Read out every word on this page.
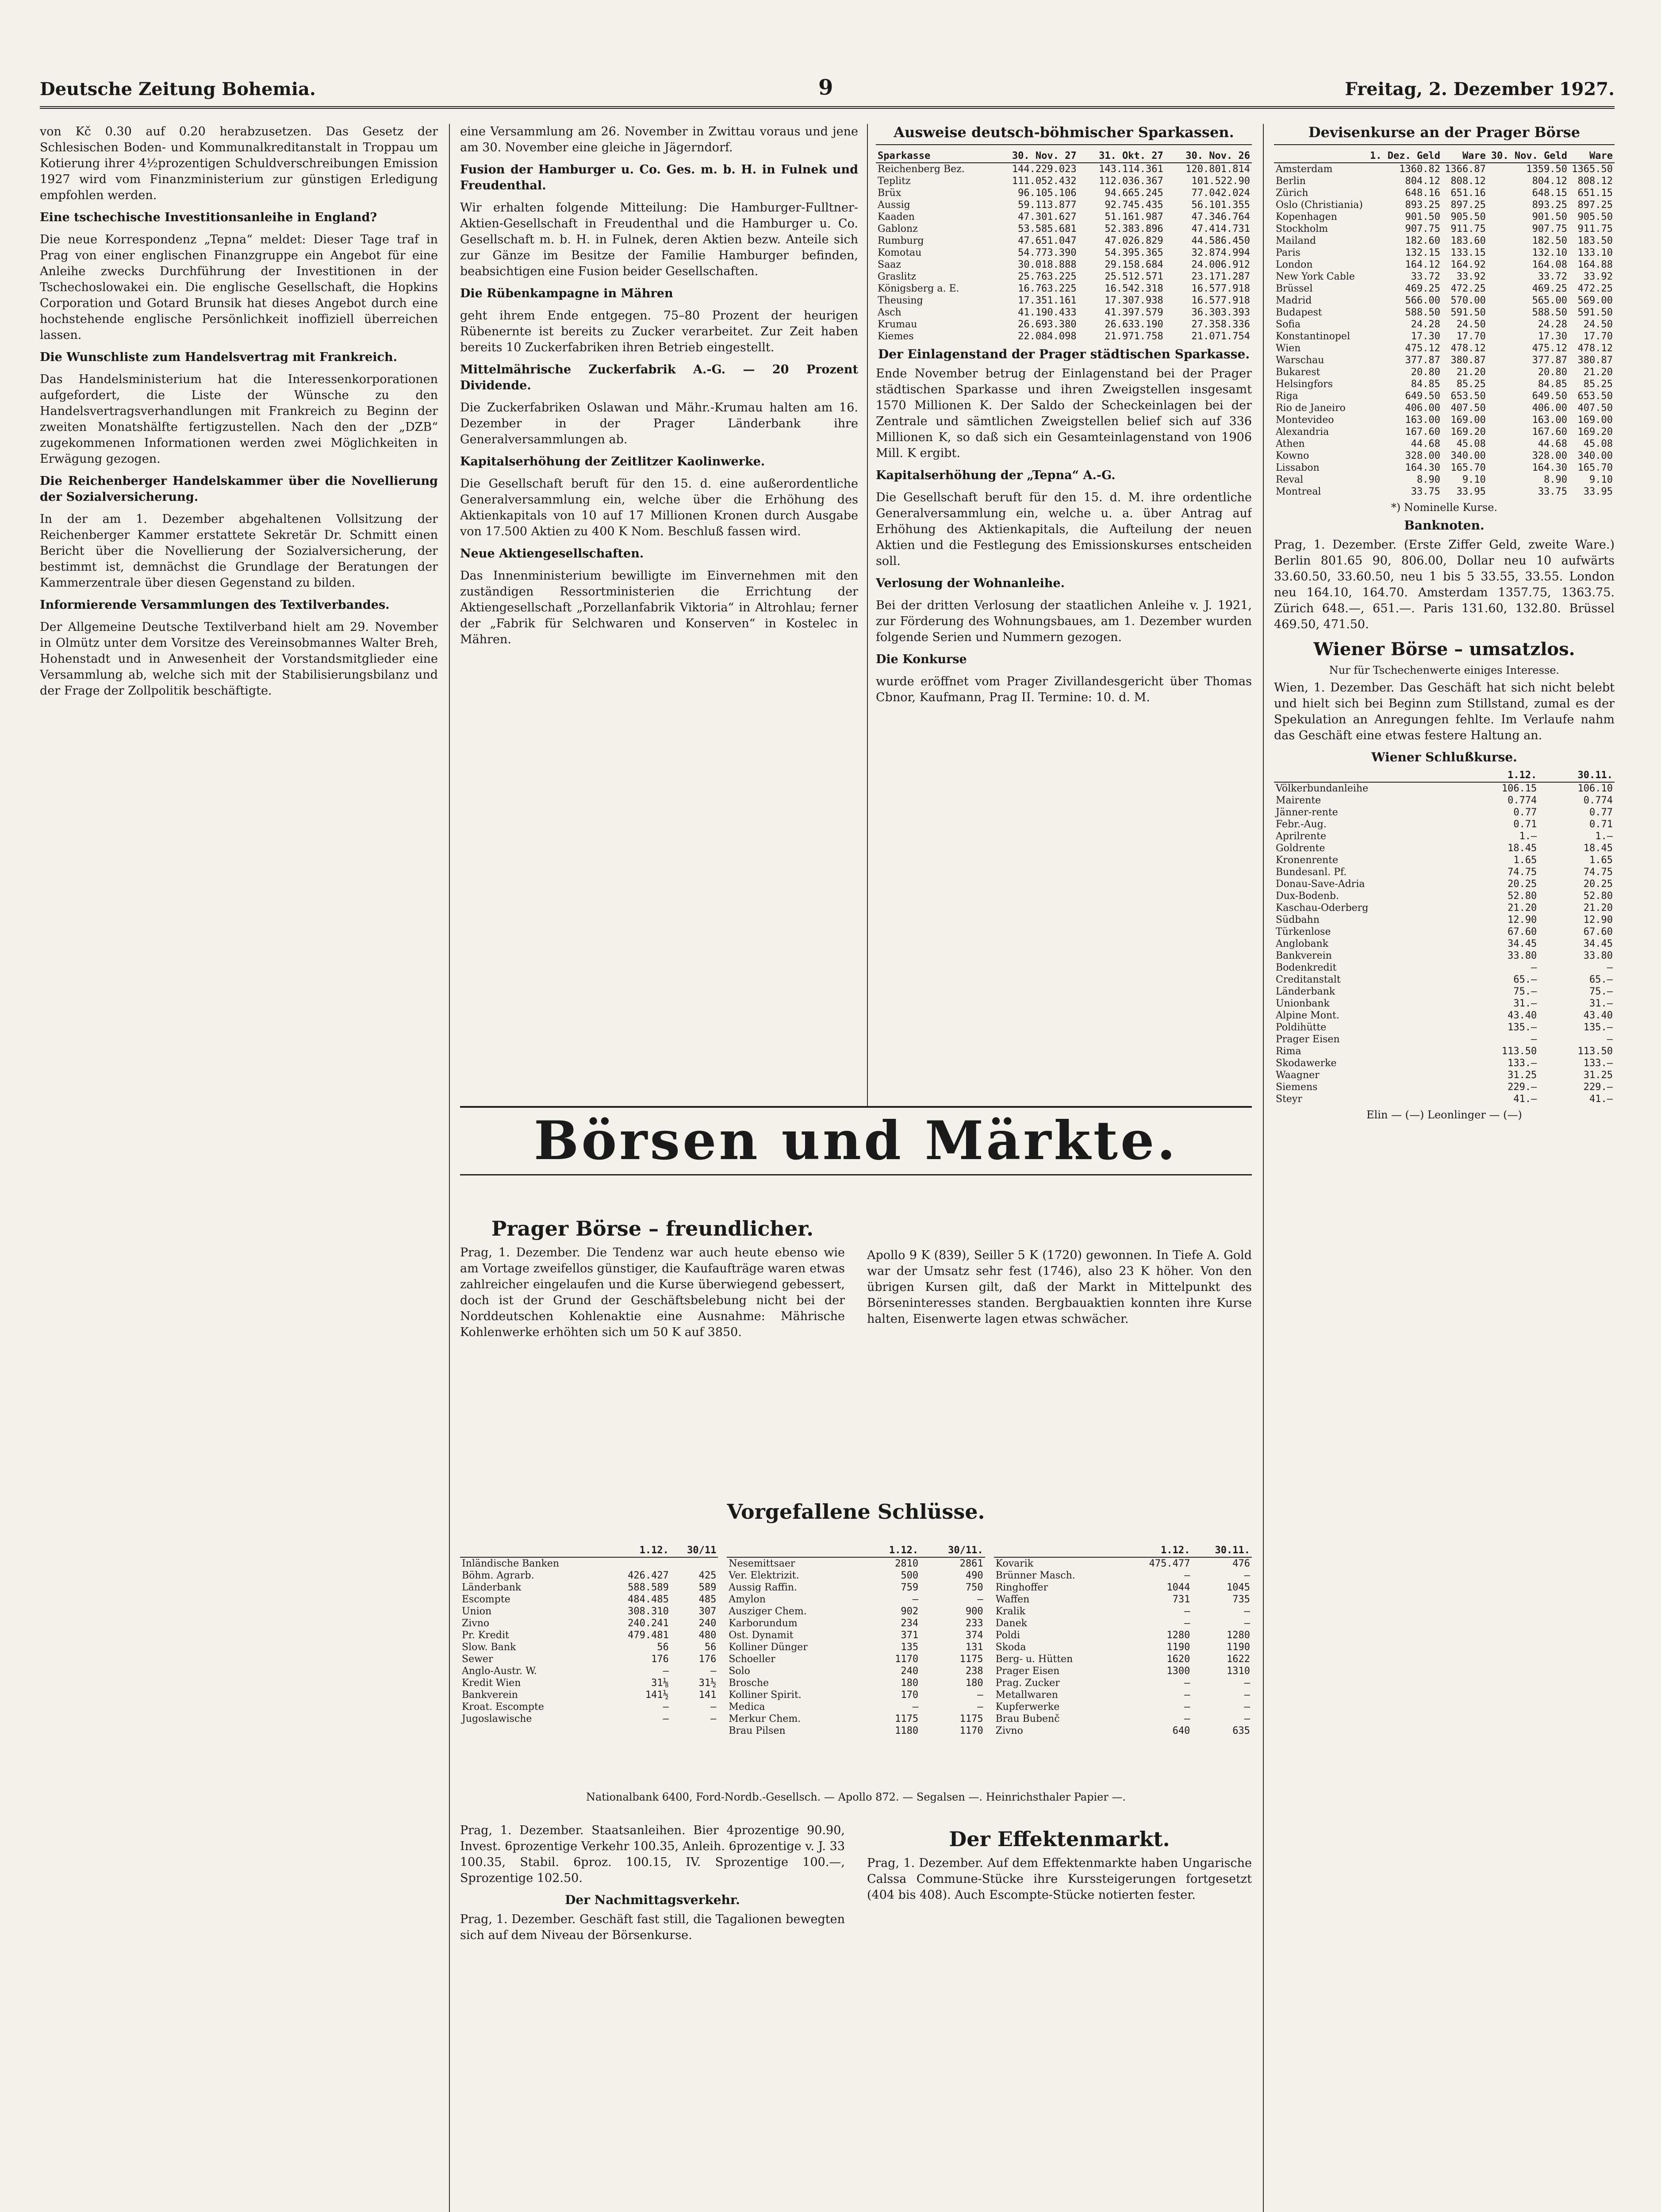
Deutsche Zeitung Bohemia.	9	Freitag, 2. Dezember 1927.

von Kč 0.30 auf 0.20 herabzusetzen. Das Gesetz der Schlesischen Boden- und Kommunalkreditanstalt in Troppau um Kotierung ihrer 4½prozentigen Schuldverschreibungen Emission 1927 wird vom Finanzministerium zur günstigen Erledigung empfohlen werden.

Eine tschechische Investitionsanleihe in England?

Die neue Korrespondenz „Tepna“ meldet: Dieser Tage traf in Prag von einer englischen Finanzgruppe ein Angebot für eine Anleihe zwecks Durchführung der Investitionen in der Tschechoslowakei ein. Die englische Gesellschaft, die Hopkins Corporation und Gotard Brunsik hat dieses Angebot durch eine hochstehende englische Persönlichkeit inoffiziell überreichen lassen.

Die Wunschliste zum Handelsvertrag mit Frankreich.

Das Handelsministerium hat die Interessenkorporationen aufgefordert, die Liste der Wünsche zu den Handelsvertragsverhandlungen mit Frankreich zu Beginn der zweiten Monatshälfte fertigzustellen. Nach den der „DZB“ zugekommenen Informationen werden zwei Möglichkeiten in Erwägung gezogen.

Die Reichenberger Handelskammer über die Novellierung der Sozialversicherung.

In der am 1. Dezember abgehaltenen Vollsitzung der Reichenberger Kammer erstattete Sekretär Dr. Schmitt einen Bericht über die Novellierung der Sozialversicherung, der bestimmt ist, demnächst die Grundlage der Beratungen der Kammerzentrale über diesen Gegenstand zu bilden.

Informierende Versammlungen des Textilverbandes.

Der Allgemeine Deutsche Textilverband hielt am 29. November in Olmütz unter dem Vorsitze des Vereinsobmannes Walter Breh, Hohenstadt und in Anwesenheit der Vorstandsmitglieder eine Versammlung ab, welche sich mit der Stabilisierungsbilanz und der Frage der Zollpolitik beschäftigte.

eine Versammlung am 26. November in Zwittau voraus und jene am 30. November eine gleiche in Jägerndorf.

Fusion der Hamburger u. Co. Ges. m. b. H. in Fulnek und Freudenthal.

Wir erhalten folgende Mitteilung: Die Hamburger-Fulltner-Aktien-Gesellschaft in Freudenthal und die Hamburger u. Co. Gesellschaft m. b. H. in Fulnek, deren Aktien bezw. Anteile sich zur Gänze im Besitze der Familie Hamburger befinden, beabsichtigen eine Fusion beider Gesellschaften.

Die Rübenkampagne in Mähren

geht ihrem Ende entgegen. 75–80 Prozent der heurigen Rübenernte ist bereits zu Zucker verarbeitet. Zur Zeit haben bereits 10 Zuckerfabriken ihren Betrieb eingestellt.

Mittelmährische Zuckerfabrik A.-G. — 20 Prozent Dividende.

Die Zuckerfabriken Oslawan und Mähr.-Krumau halten am 16. Dezember in der Prager Länderbank ihre Generalversammlungen ab.

Kapitalserhöhung der Zeitlitzer Kaolinwerke.

Die Gesellschaft beruft für den 15. d. eine außerordentliche Generalversammlung ein, welche über die Erhöhung des Aktienkapitals von 10 auf 17 Millionen Kronen durch Ausgabe von 17.500 Aktien zu 400 K Nom. Beschluß fassen wird.

Neue Aktiengesellschaften.

Das Innenministerium bewilligte im Einvernehmen mit den zuständigen Ressortministerien die Errichtung der Aktiengesellschaft „Porzellanfabrik Viktoria“ in Altrohlau; ferner der „Fabrik für Selchwaren und Konserven“ in Kostelec in Mähren.

Ausweise deutsch-böhmischer Sparkassen.
Sparkasse	30. Nov. 27	31. Okt. 27	30. Nov. 26
Reichenberg Bez.	144.229.023	143.114.361	120.801.814
Teplitz	111.052.432	112.036.367	101.522.90
Brüx	96.105.106	94.665.245	77.042.024
Aussig	59.113.877	92.745.435	56.101.355
Kaaden	47.301.627	51.161.987	47.346.764
Gablonz	53.585.681	52.383.896	47.414.731
Rumburg	47.651.047	47.026.829	44.586.450
Komotau	54.773.390	54.395.365	32.874.994
Saaz	30.018.888	29.158.684	24.006.912
Graslitz	25.763.225	25.512.571	23.171.287
Königsberg a. E.	16.763.225	16.542.318	16.577.918
Theusing	17.351.161	17.307.938	16.577.918
Asch	41.190.433	41.397.579	36.303.393
Krumau	26.693.380	26.633.190	27.358.336
Kiemes	22.084.098	21.971.758	21.071.754

Der Einlagenstand der Prager städtischen Sparkasse.

Ende November betrug der Einlagenstand bei der Prager städtischen Sparkasse und ihren Zweigstellen insgesamt 1570 Millionen K. Der Saldo der Scheckeinlagen bei der Zentrale und sämtlichen Zweigstellen belief sich auf 336 Millionen K, so daß sich ein Gesamteinlagenstand von 1906 Mill. K ergibt.

Kapitalserhöhung der „Tepna“ A.-G.

Die Gesellschaft beruft für den 15. d. M. ihre ordentliche Generalversammlung ein, welche u. a. über Antrag auf Erhöhung des Aktienkapitals, die Aufteilung der neuen Aktien und die Festlegung des Emissionskurses entscheiden soll.

Verlosung der Wohnanleihe.

Bei der dritten Verlosung der staatlichen Anleihe v. J. 1921, zur Förderung des Wohnungsbaues, am 1. Dezember wurden folgende Serien und Nummern gezogen.

Die Konkurse

wurde eröffnet vom Prager Zivillandesgericht über Thomas Cbnor, Kaufmann, Prag II. Termine: 10. d. M.

Devisenkurse an der Prager Börse
	1. Dez. Geld	Ware	30. Nov. Geld	Ware
Amsterdam	1360.82	1366.87	1359.50	1365.50
Berlin	804.12	808.12	804.12	808.12
Zürich	648.16	651.16	648.15	651.15
Oslo (Christiania)	893.25	897.25	893.25	897.25
Kopenhagen	901.50	905.50	901.50	905.50
Stockholm	907.75	911.75	907.75	911.75
Mailand	182.60	183.60	182.50	183.50
Paris	132.15	133.15	132.10	133.10
London	164.12	164.92	164.08	164.88
New York Cable	33.72	33.92	33.72	33.92
Brüssel	469.25	472.25	469.25	472.25
Madrid	566.00	570.00	565.00	569.00
Budapest	588.50	591.50	588.50	591.50
Sofia	24.28	24.50	24.28	24.50
Konstantinopel	17.30	17.70	17.30	17.70
Wien	475.12	478.12	475.12	478.12
Warschau	377.87	380.87	377.87	380.87
Bukarest	20.80	21.20	20.80	21.20
Helsingfors	84.85	85.25	84.85	85.25
Riga	649.50	653.50	649.50	653.50
Rio de Janeiro	406.00	407.50	406.00	407.50
Montevideo	163.00	169.00	163.00	169.00
Alexandria	167.60	169.20	167.60	169.20
Athen	44.68	45.08	44.68	45.08
Kowno	328.00	340.00	328.00	340.00
Lissabon	164.30	165.70	164.30	165.70
Reval	8.90	9.10	8.90	9.10
Montreal	33.75	33.95	33.75	33.95

*) Nominelle Kurse.

Banknoten.

Prag, 1. Dezember. (Erste Ziffer Geld, zweite Ware.) Berlin 801.65 90, 806.00, Dollar neu 10 aufwärts 33.60.50, 33.60.50, neu 1 bis 5 33.55, 33.55. London neu 164.10, 164.70. Amsterdam 1357.75, 1363.75. Zürich 648.—, 651.—. Paris 131.60, 132.80. Brüssel 469.50, 471.50.

Wiener Börse – umsatzlos.

Nur für Tschechenwerte einiges Interesse.

Wien, 1. Dezember. Das Geschäft hat sich nicht belebt und hielt sich bei Beginn zum Stillstand, zumal es der Spekulation an Anregungen fehlte. Im Verlaufe nahm das Geschäft eine etwas festere Haltung an.

Wiener Schlußkurse.

	1.12.	30.11.
Völkerbundanleihe	106.15	106.10
Mairente	0.774	0.774
Jänner-rente	0.77	0.77
Febr.-Aug.	0.71	0.71
Aprilrente	1.—	1.—
Goldrente	18.45	18.45
Kronenrente	1.65	1.65
Bundesanl. Pf.	74.75	74.75
Donau-Save-Adria	20.25	20.25
Dux-Bodenb.	52.80	52.80
Kaschau-Oderberg	21.20	21.20
Südbahn	12.90	12.90
Türkenlose	67.60	67.60
Anglobank	34.45	34.45
Bankverein	33.80	33.80
Bodenkredit	—	—
Creditanstalt	65.—	65.—
Länderbank	75.—	75.—
Unionbank	31.—	31.—
Alpine Mont.	43.40	43.40
Poldihütte	135.—	135.—
Prager Eisen	—	—
Rima	113.50	113.50
Skodawerke	133.—	133.—
Waagner	31.25	31.25
Siemens	229.—	229.—
Steyr	41.—	41.—

Elin — (—) Leonlinger — (—)

Börsen und Märkte.

Prager Börse – freundlicher.

Prag, 1. Dezember. Die Tendenz war auch heute ebenso wie am Vortage zweifellos günstiger, die Kaufaufträge waren etwas zahlreicher eingelaufen und die Kurse überwiegend gebessert, doch ist der Grund der Geschäftsbelebung nicht bei der Norddeutschen Kohlenaktie eine Ausnahme: Mährische Kohlenwerke erhöhten sich um 50 K auf 3850.

Apollo 9 K (839), Seiller 5 K (1720) gewonnen. In Tiefe A. Gold war der Umsatz sehr fest (1746), also 23 K höher. Von den übrigen Kursen gilt, daß der Markt in Mittelpunkt des Börseninteresses standen. Bergbauaktien konnten ihre Kurse halten, Eisenwerte lagen etwas schwächer.

Vorgefallene Schlüsse.

	1.12.	30/11
Inländische Banken		
Böhm. Agrarb.	426.427	425
Länderbank	588.589	589
Escompte	484.485	485
Union	308.310	307
Zivno	240.241	240
Pr. Kredit	479.481	480
Slow. Bank	56	56
Sewer	176	176
Anglo-Austr. W.	—	—
Kredit Wien	31⅛	31½
Bankverein	141½	141
Kroat. Escompte	—	—
Jugoslawische	—	—
	1.12.	30/11.
Nesemittsaer	2810	2861
Ver. Elektrizit.	500	490
Aussig Raffin.	759	750
Amylon	—	—
Ausziger Chem.	902	900
Karborundum	234	233
Ost. Dynamit	371	374
Kolliner Dünger	135	131
Schoeller	1170	1175
Solo	240	238
Brosche	180	180
Kolliner Spirit.	170	—
Medica	—	—
Merkur Chem.	1175	1175
Brau Pilsen	1180	1170
	1.12.	30.11.
Kovarik	475.477	476
Brünner Masch.	—	—
Ringhoffer	1044	1045
Waffen	731	735
Kralik	—	—
Danek	—	—
Poldi	1280	1280
Skoda	1190	1190
Berg- u. Hütten	1620	1622
Prager Eisen	1300	1310
Prag. Zucker	—	—
Metallwaren	—	—
Kupferwerke	—	—
Brau Bubenč	—	—
Zivno	640	635

Nationalbank 6400, Ford-Nordb.-Gesellsch. — Apollo 872. — Segalsen —. Heinrichsthaler Papier —.

Prag, 1. Dezember. Staatsanleihen. Bier 4prozentige 90.90, Invest. 6prozentige Verkehr 100.35, Anleih. 6prozentige v. J. 33 100.35, Stabil. 6proz. 100.15, IV. Sprozentige 100.—, Sprozentige 102.50.

Der Nachmittagsverkehr.

Prag, 1. Dezember. Geschäft fast still, die Tagalionen bewegten sich auf dem Niveau der Börsenkurse.

Der Effektenmarkt.

Prag, 1. Dezember. Auf dem Effektenmarkte haben Ungarische Calssa Commune-Stücke ihre Kurssteigerungen fortgesetzt (404 bis 408). Auch Escompte-Stücke notierten fester.
